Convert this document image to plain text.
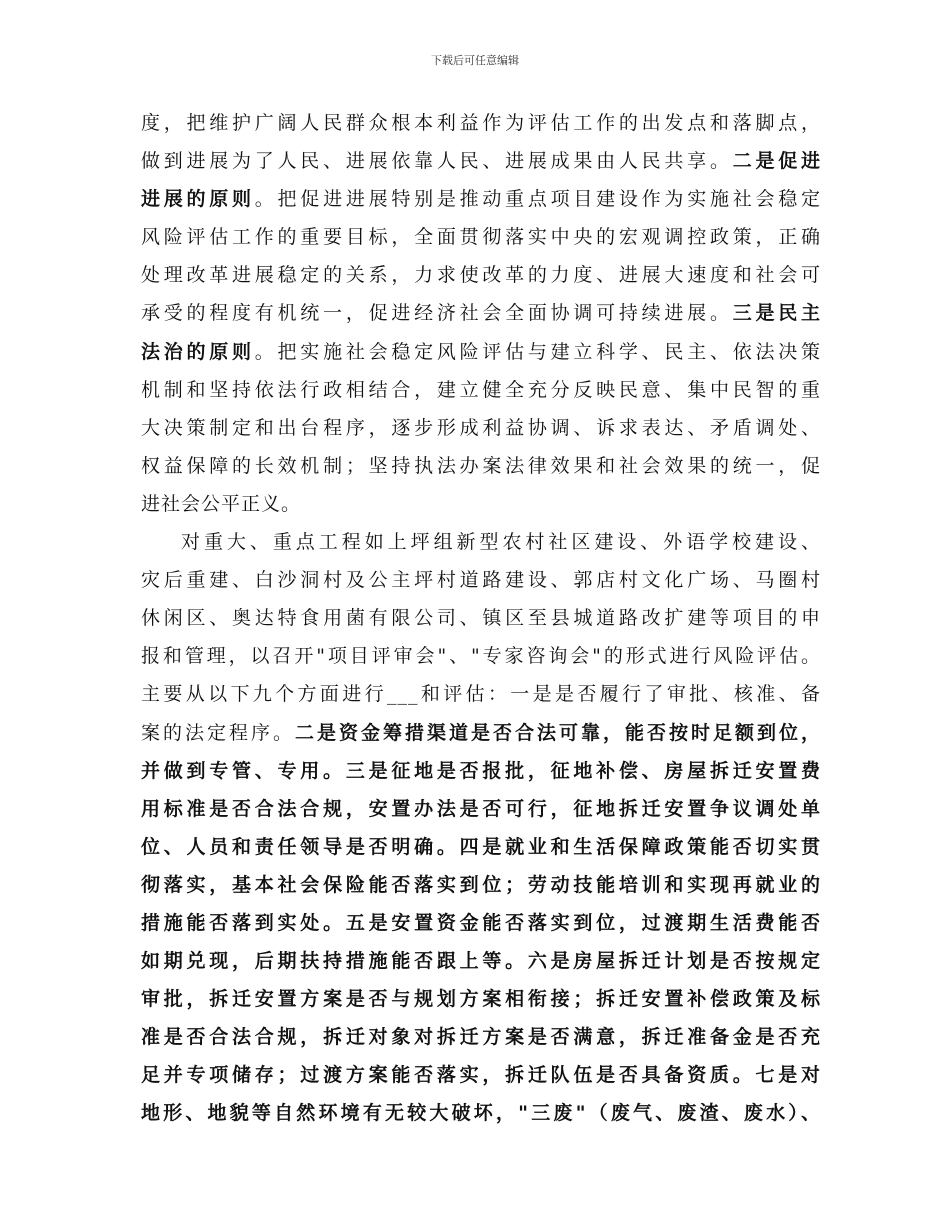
下载后可任意编辑
度，把维护广阔人民群众根本利益作为评估工作的出发点和落脚点，
做到进展为了人民、进展依靠人民、进展成果由人民共享。二是促进
进展的原则。把促进进展特别是推动重点项目建设作为实施社会稳定
风险评估工作的重要目标，全面贯彻落实中央的宏观调控政策，正确
处理改革进展稳定的关系，力求使改革的力度、进展大速度和社会可
承受的程度有机统一，促进经济社会全面协调可持续进展。三是民主
法治的原则。把实施社会稳定风险评估与建立科学、民主、依法决策
机制和坚持依法行政相结合，建立健全充分反映民意、集中民智的重
大决策制定和出台程序，逐步形成利益协调、诉求表达、矛盾调处、
权益保障的长效机制；坚持执法办案法律效果和社会效果的统一，促
进社会公平正义。
对重大、重点工程如上坪组新型农村社区建设、外语学校建设、
灾后重建、白沙洞村及公主坪村道路建设、郭店村文化广场、马圈村
休闲区、奥达特食用菌有限公司、镇区至县城道路改扩建等项目的申
报和管理，以召开"项目评审会"、"专家咨询会"的形式进行风险评估。
主要从以下九个方面进行___和评估：一是是否履行了审批、核准、备
案的法定程序。二是资金筹措渠道是否合法可靠，能否按时足额到位，
并做到专管、专用。三是征地是否报批，征地补偿、房屋拆迁安置费
用标准是否合法合规，安置办法是否可行，征地拆迁安置争议调处单
位、人员和责任领导是否明确。四是就业和生活保障政策能否切实贯
彻落实，基本社会保险能否落实到位；劳动技能培训和实现再就业的
措施能否落到实处。五是安置资金能否落实到位，过渡期生活费能否
如期兑现，后期扶持措施能否跟上等。六是房屋拆迁计划是否按规定
审批，拆迁安置方案是否与规划方案相衔接；拆迁安置补偿政策及标
准是否合法合规，拆迁对象对拆迁方案是否满意，拆迁准备金是否充
足并专项储存；过渡方案能否落实，拆迁队伍是否具备资质。七是对
地形、地貌等自然环境有无较大破坏，"三废"（废气、废渣、废水）、
